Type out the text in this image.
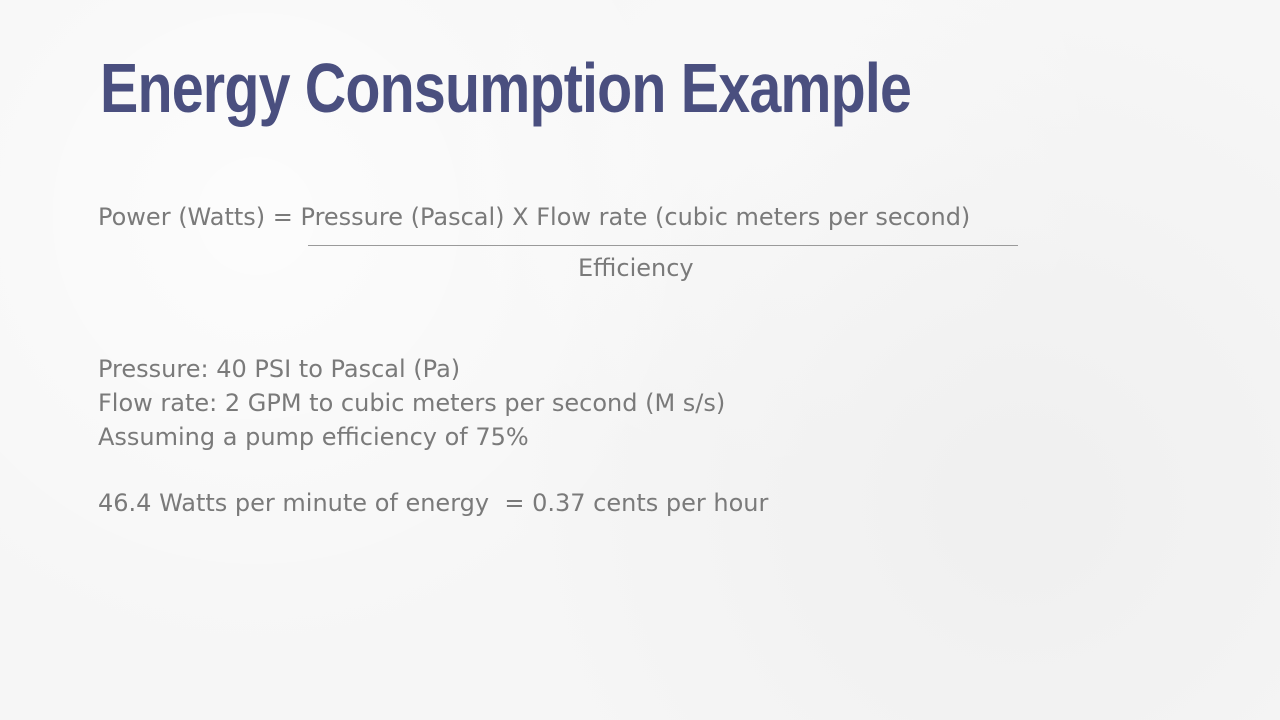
Energy Consumption Example
Power (Watts) = Pressure (Pascal) X Flow rate (cubic meters per second)
Efficiency
Pressure: 40 PSI to Pascal (Pa)
Flow rate: 2 GPM to cubic meters per second (M s/s)
Assuming a pump efficiency of 75%
46.4 Watts per minute of energy  = 0.37 cents per hour
